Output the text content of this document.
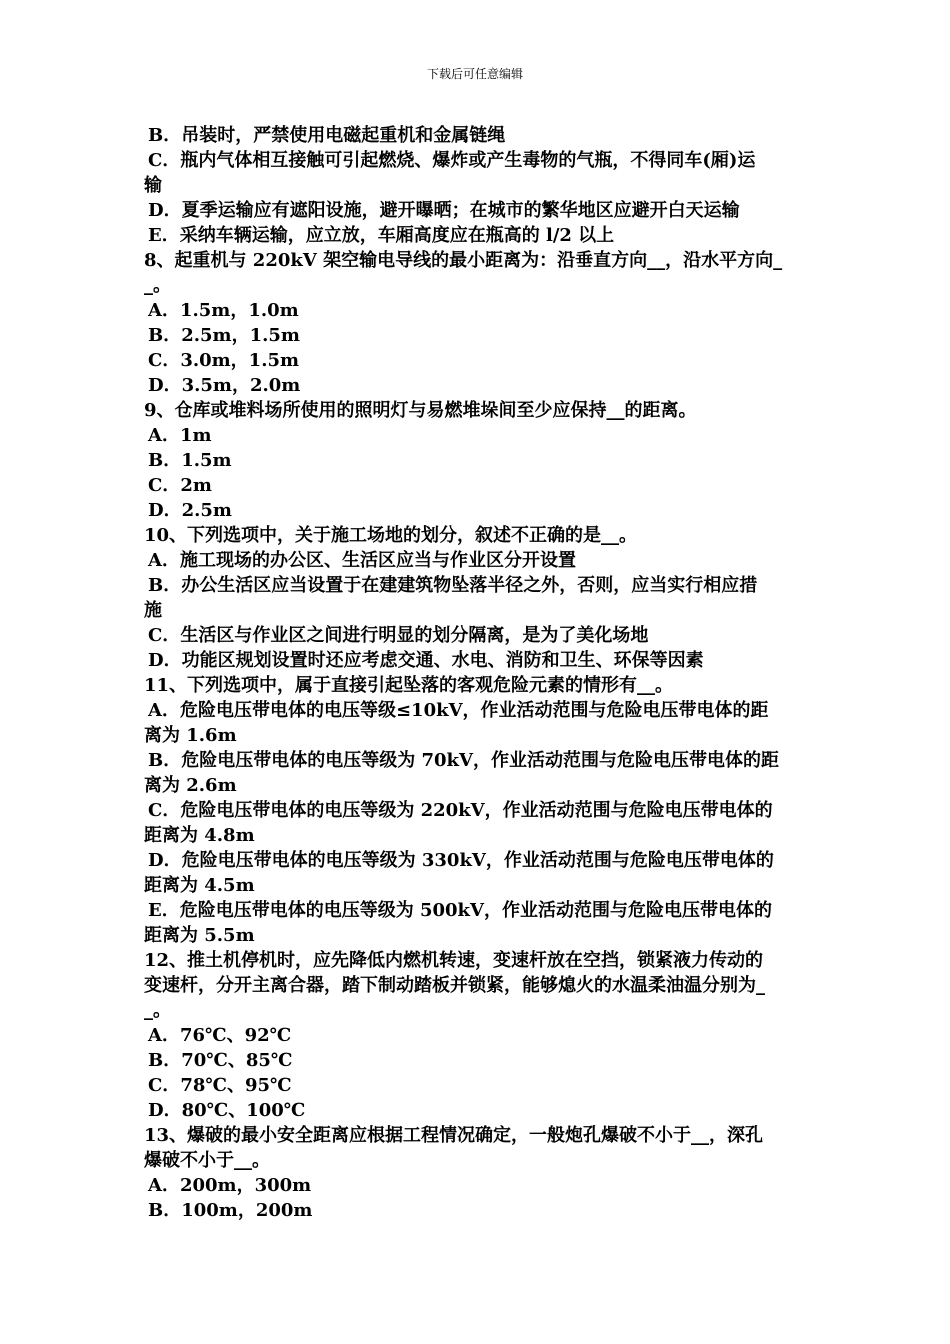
下载后可任意编辑
B．吊装时，严禁使用电磁起重机和金属链绳
C．瓶内气体相互接触可引起燃烧、爆炸或产生毒物的气瓶，不得同车(厢)运
输
D．夏季运输应有遮阳设施，避开曝晒；在城市的繁华地区应避开白天运输
E．采纳车辆运输，应立放，车厢高度应在瓶高的 l/2 以上
8、起重机与 220kV 架空输电导线的最小距离为：沿垂直方向__，沿水平方向_
_。
A．1.5m，1.0m
B．2.5m，1.5m
C．3.0m，1.5m
D．3.5m，2.0m
9、仓库或堆料场所使用的照明灯与易燃堆垛间至少应保持__的距离。
A．1m
B．1.5m
C．2m
D．2.5m
10、下列选项中，关于施工场地的划分，叙述不正确的是__。
A．施工现场的办公区、生活区应当与作业区分开设置
B．办公生活区应当设置于在建建筑物坠落半径之外，否则，应当实行相应措
施
C．生活区与作业区之间进行明显的划分隔离，是为了美化场地
D．功能区规划设置时还应考虑交通、水电、消防和卫生、环保等因素
11、下列选项中，属于直接引起坠落的客观危险元素的情形有__。
A．危险电压带电体的电压等级≤10kV，作业活动范围与危险电压带电体的距
离为 1.6m
B．危险电压带电体的电压等级为 70kV，作业活动范围与危险电压带电体的距
离为 2.6m
C．危险电压带电体的电压等级为 220kV，作业活动范围与危险电压带电体的
距离为 4.8m
D．危险电压带电体的电压等级为 330kV，作业活动范围与危险电压带电体的
距离为 4.5m
E．危险电压带电体的电压等级为 500kV，作业活动范围与危险电压带电体的
距离为 5.5m
12、推土机停机时，应先降低内燃机转速，变速杆放在空挡，锁紧液力传动的
变速杆，分开主离合器，踏下制动踏板并锁紧，能够熄火的水温柔油温分别为_
_。
A．76℃、92℃
B．70℃、85℃
C．78℃、95℃
D．80℃、100℃
13、爆破的最小安全距离应根据工程情况确定，一般炮孔爆破不小于__，深孔
爆破不小于__。
A．200m，300m
B．100m，200m
